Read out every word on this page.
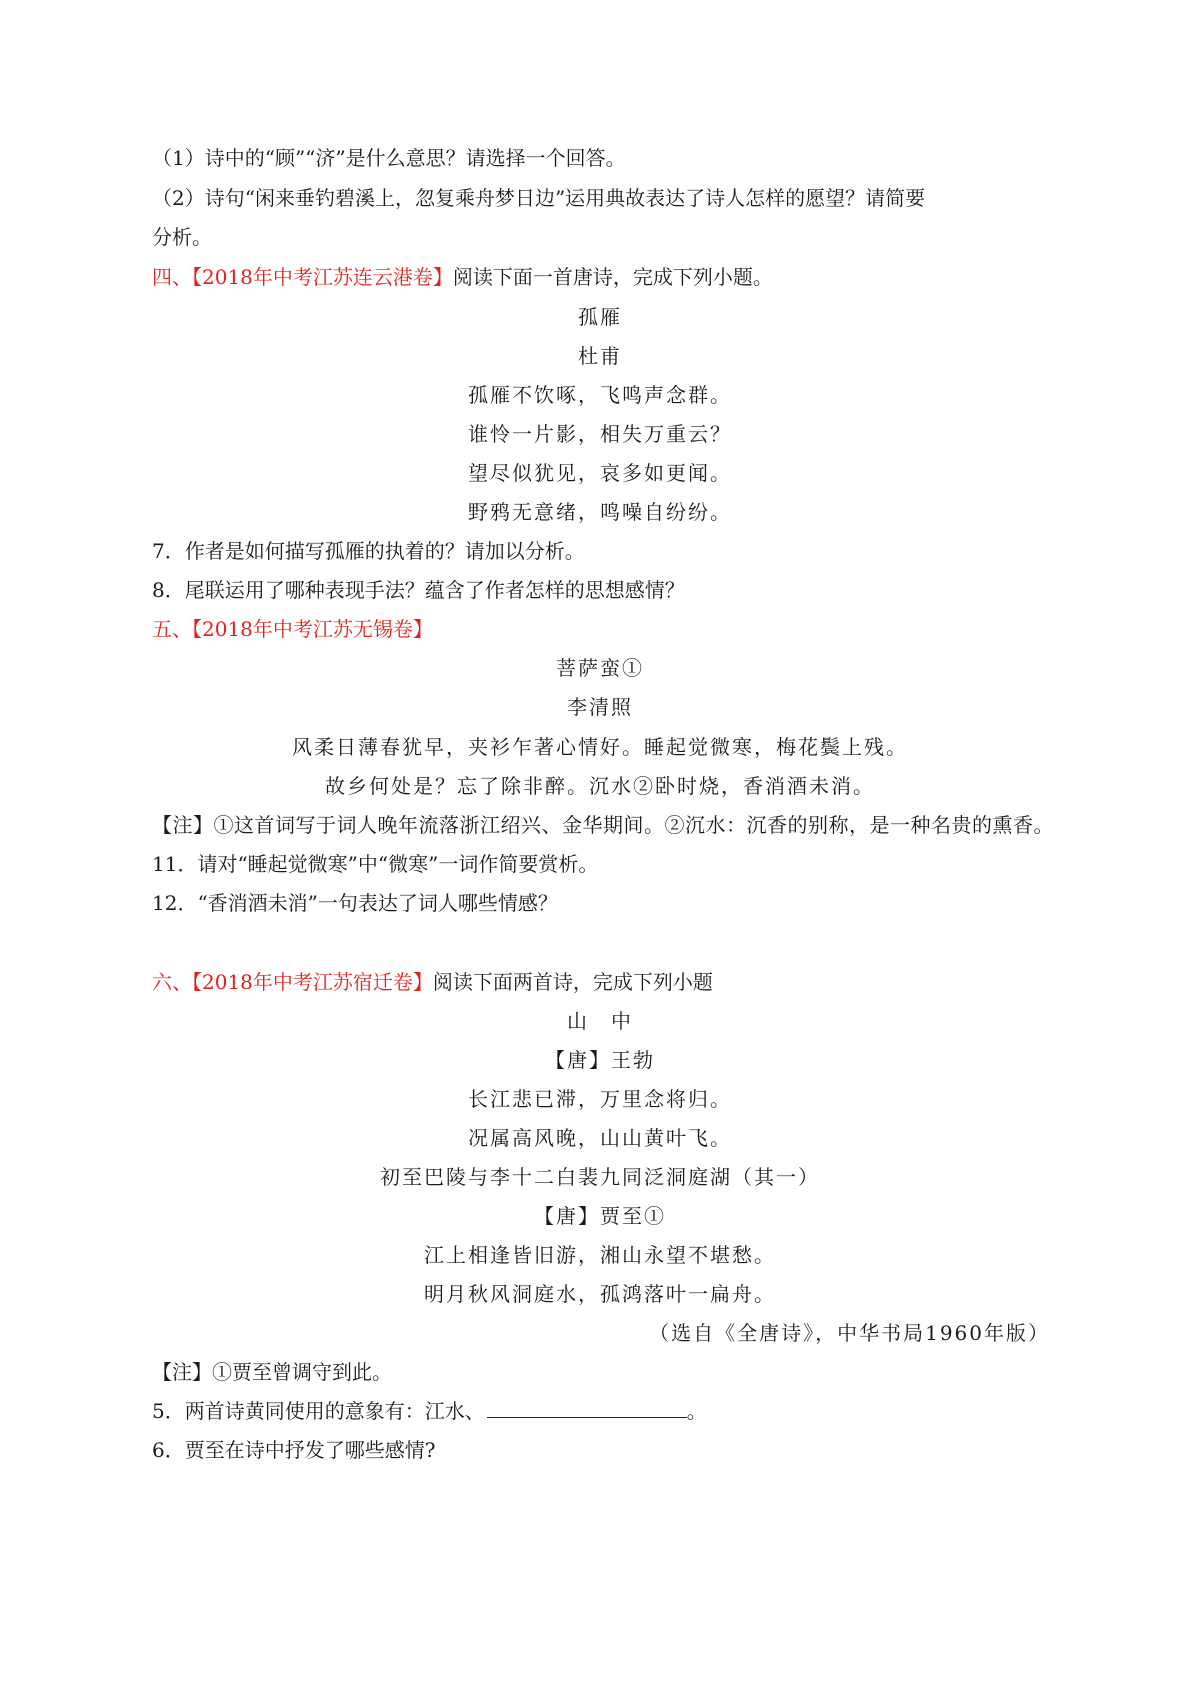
（1）诗中的“顾”“济”是什么意思？请选择一个回答。
（2）诗句“闲来垂钓碧溪上，忽复乘舟梦日边”运用典故表达了诗人怎样的愿望？请简要
分析。
四、【2018年中考江苏连云港卷】阅读下面一首唐诗，完成下列小题。
孤雁
杜甫
孤雁不饮啄，飞鸣声念群。
谁怜一片影，相失万重云？
望尽似犹见，哀多如更闻。
野鸦无意绪，鸣噪自纷纷。
7．作者是如何描写孤雁的执着的？请加以分析。
8．尾联运用了哪种表现手法？蕴含了作者怎样的思想感情？
五、【2018年中考江苏无锡卷】
菩萨蛮①
李清照
风柔日薄春犹早，夹衫乍著心情好。睡起觉微寒，梅花鬓上残。
故乡何处是？忘了除非醉。沉水②卧时烧，香消酒未消。
【注】①这首词写于词人晚年流落浙江绍兴、金华期间。②沉水：沉香的别称，是一种名贵的熏香。
11．请对“睡起觉微寒”中“微寒”一词作简要赏析。
12．“香消酒未消”一句表达了词人哪些情感？
六、【2018年中考江苏宿迁卷】阅读下面两首诗，完成下列小题
山　中
【唐】王勃
长江悲已滞，万里念将归。
况属高风晚，山山黄叶飞。
初至巴陵与李十二白裴九同泛洞庭湖（其一）
【唐】贾至①
江上相逢皆旧游，湘山永望不堪愁。
明月秋风洞庭水，孤鸿落叶一扁舟。
（选自《全唐诗》，中华书局1960年版）
【注】①贾至曾调守到此。
5．两首诗黄同使用的意象有：江水、	。
6．贾至在诗中抒发了哪些感情?
